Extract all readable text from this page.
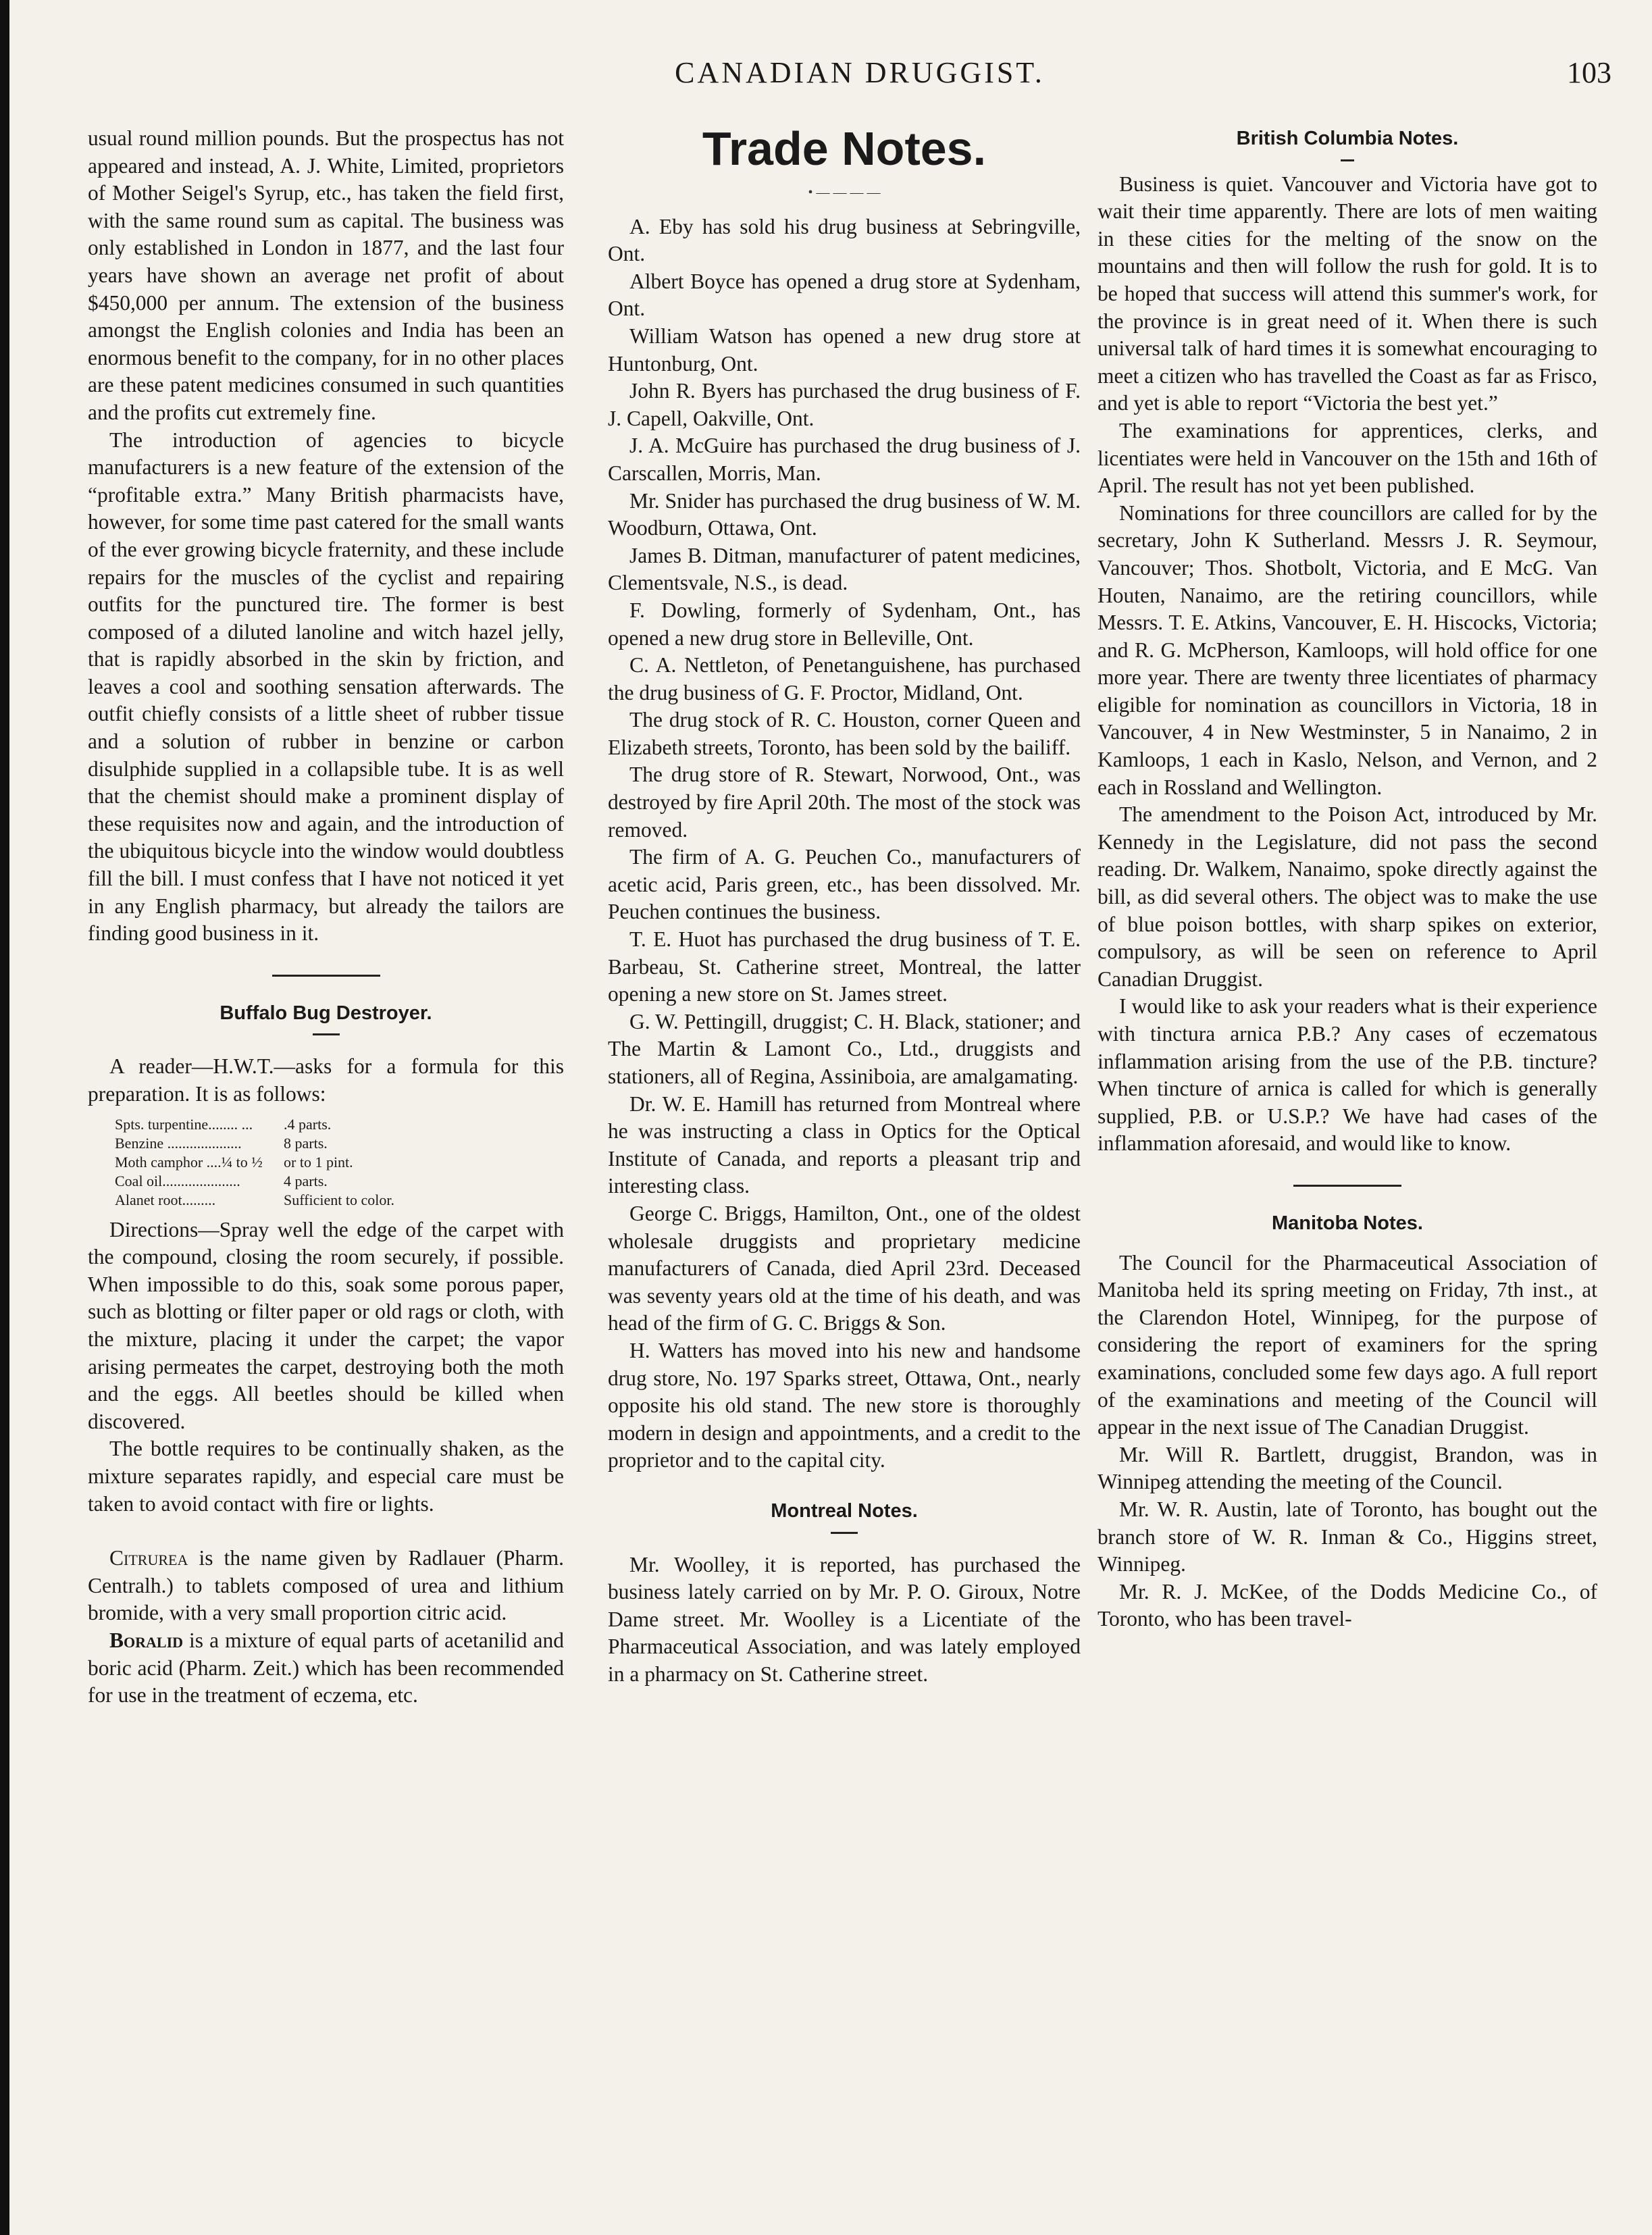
CANADIAN DRUGGIST.	103

usual round million pounds. But the prospectus has not appeared and instead, A. J. White, Limited, proprietors of Mother Seigel's Syrup, etc., has taken the field first, with the same round sum as capital. The business was only established in London in 1877, and the last four years have shown an average net profit of about $450,000 per annum. The extension of the business amongst the English colonies and India has been an enormous benefit to the company, for in no other places are these patent medicines consumed in such quantities and the profits cut extremely fine.

The introduction of agencies to bicycle manufacturers is a new feature of the extension of the “profitable extra.” Many British pharmacists have, however, for some time past catered for the small wants of the ever growing bicycle fraternity, and these include repairs for the muscles of the cyclist and repairing outfits for the punctured tire. The former is best composed of a diluted lanoline and witch hazel jelly, that is rapidly absorbed in the skin by friction, and leaves a cool and soothing sensation afterwards. The outfit chiefly consists of a little sheet of rubber tissue and a solution of rubber in benzine or carbon disulphide supplied in a collapsible tube. It is as well that the chemist should make a prominent display of these requisites now and again, and the introduction of the ubiquitous bicycle into the window would doubtless fill the bill. I must confess that I have not noticed it yet in any English pharmacy, but already the tailors are finding good business in it.

Buffalo Bug Destroyer.

A reader—H.W.T.—asks for a formula for this preparation. It is as follows:

Spts. turpentine........ ...	.4 parts.
Benzine ....................	8 parts.
Moth camphor ....¼ to ½	or to 1 pint.
Coal oil.....................	4 parts.
Alanet root.........	Sufficient to color.

Directions—Spray well the edge of the carpet with the compound, closing the room securely, if possible. When impossible to do this, soak some porous paper, such as blotting or filter paper or old rags or cloth, with the mixture, placing it under the carpet; the vapor arising permeates the carpet, destroying both the moth and the eggs. All beetles should be killed when discovered.

The bottle requires to be continually shaken, as the mixture separates rapidly, and especial care must be taken to avoid contact with fire or lights.

Citrurea is the name given by Radlauer (Pharm. Centralh.) to tablets composed of urea and lithium bromide, with a very small proportion citric acid.

Boralid is a mixture of equal parts of acetanilid and boric acid (Pharm. Zeit.) which has been recommended for use in the treatment of eczema, etc.

Trade Notes.
• — — — —

A. Eby has sold his drug business at Sebringville, Ont.

Albert Boyce has opened a drug store at Sydenham, Ont.

William Watson has opened a new drug store at Huntonburg, Ont.

John R. Byers has purchased the drug business of F. J. Capell, Oakville, Ont.

J. A. McGuire has purchased the drug business of J. Carscallen, Morris, Man.

Mr. Snider has purchased the drug business of W. M. Woodburn, Ottawa, Ont.

James B. Ditman, manufacturer of patent medicines, Clementsvale, N.S., is dead.

F. Dowling, formerly of Sydenham, Ont., has opened a new drug store in Belleville, Ont.

C. A. Nettleton, of Penetanguishene, has purchased the drug business of G. F. Proctor, Midland, Ont.

The drug stock of R. C. Houston, corner Queen and Elizabeth streets, Toronto, has been sold by the bailiff.

The drug store of R. Stewart, Norwood, Ont., was destroyed by fire April 20th. The most of the stock was removed.

The firm of A. G. Peuchen Co., manufacturers of acetic acid, Paris green, etc., has been dissolved. Mr. Peuchen continues the business.

T. E. Huot has purchased the drug business of T. E. Barbeau, St. Catherine street, Montreal, the latter opening a new store on St. James street.

G. W. Pettingill, druggist; C. H. Black, stationer; and The Martin & Lamont Co., Ltd., druggists and stationers, all of Regina, Assiniboia, are amalgamating.

Dr. W. E. Hamill has returned from Montreal where he was instructing a class in Optics for the Optical Institute of Canada, and reports a pleasant trip and interesting class.

George C. Briggs, Hamilton, Ont., one of the oldest wholesale druggists and proprietary medicine manufacturers of Canada, died April 23rd. Deceased was seventy years old at the time of his death, and was head of the firm of G. C. Briggs & Son.

H. Watters has moved into his new and handsome drug store, No. 197 Sparks street, Ottawa, Ont., nearly opposite his old stand. The new store is thoroughly modern in design and appointments, and a credit to the proprietor and to the capital city.

Montreal Notes.

Mr. Woolley, it is reported, has purchased the business lately carried on by Mr. P. O. Giroux, Notre Dame street. Mr. Woolley is a Licentiate of the Pharmaceutical Association, and was lately employed in a pharmacy on St. Catherine street.

British Columbia Notes.

Business is quiet. Vancouver and Victoria have got to wait their time apparently. There are lots of men waiting in these cities for the melting of the snow on the mountains and then will follow the rush for gold. It is to be hoped that success will attend this summer's work, for the province is in great need of it. When there is such universal talk of hard times it is somewhat encouraging to meet a citizen who has travelled the Coast as far as Frisco, and yet is able to report “Victoria the best yet.”

The examinations for apprentices, clerks, and licentiates were held in Vancouver on the 15th and 16th of April. The result has not yet been published.

Nominations for three councillors are called for by the secretary, John K Sutherland. Messrs J. R. Seymour, Vancouver; Thos. Shotbolt, Victoria, and E McG. Van Houten, Nanaimo, are the retiring councillors, while Messrs. T. E. Atkins, Vancouver, E. H. Hiscocks, Victoria; and R. G. McPherson, Kamloops, will hold office for one more year. There are twenty three licentiates of pharmacy eligible for nomination as councillors in Victoria, 18 in Vancouver, 4 in New Westminster, 5 in Nanaimo, 2 in Kamloops, 1 each in Kaslo, Nelson, and Vernon, and 2 each in Rossland and Wellington.

The amendment to the Poison Act, introduced by Mr. Kennedy in the Legislature, did not pass the second reading. Dr. Walkem, Nanaimo, spoke directly against the bill, as did several others. The object was to make the use of blue poison bottles, with sharp spikes on exterior, compulsory, as will be seen on reference to April Canadian Druggist.

I would like to ask your readers what is their experience with tinctura arnica P.B.? Any cases of eczematous inflammation arising from the use of the P.B. tincture? When tincture of arnica is called for which is generally supplied, P.B. or U.S.P.? We have had cases of the inflammation aforesaid, and would like to know.

Manitoba Notes.

The Council for the Pharmaceutical Association of Manitoba held its spring meeting on Friday, 7th inst., at the Clarendon Hotel, Winnipeg, for the purpose of considering the report of examiners for the spring examinations, concluded some few days ago. A full report of the examinations and meeting of the Council will appear in the next issue of The Canadian Druggist.

Mr. Will R. Bartlett, druggist, Brandon, was in Winnipeg attending the meeting of the Council.

Mr. W. R. Austin, late of Toronto, has bought out the branch store of W. R. Inman & Co., Higgins street, Winnipeg.

Mr. R. J. McKee, of the Dodds Medicine Co., of Toronto, who has been travel-
